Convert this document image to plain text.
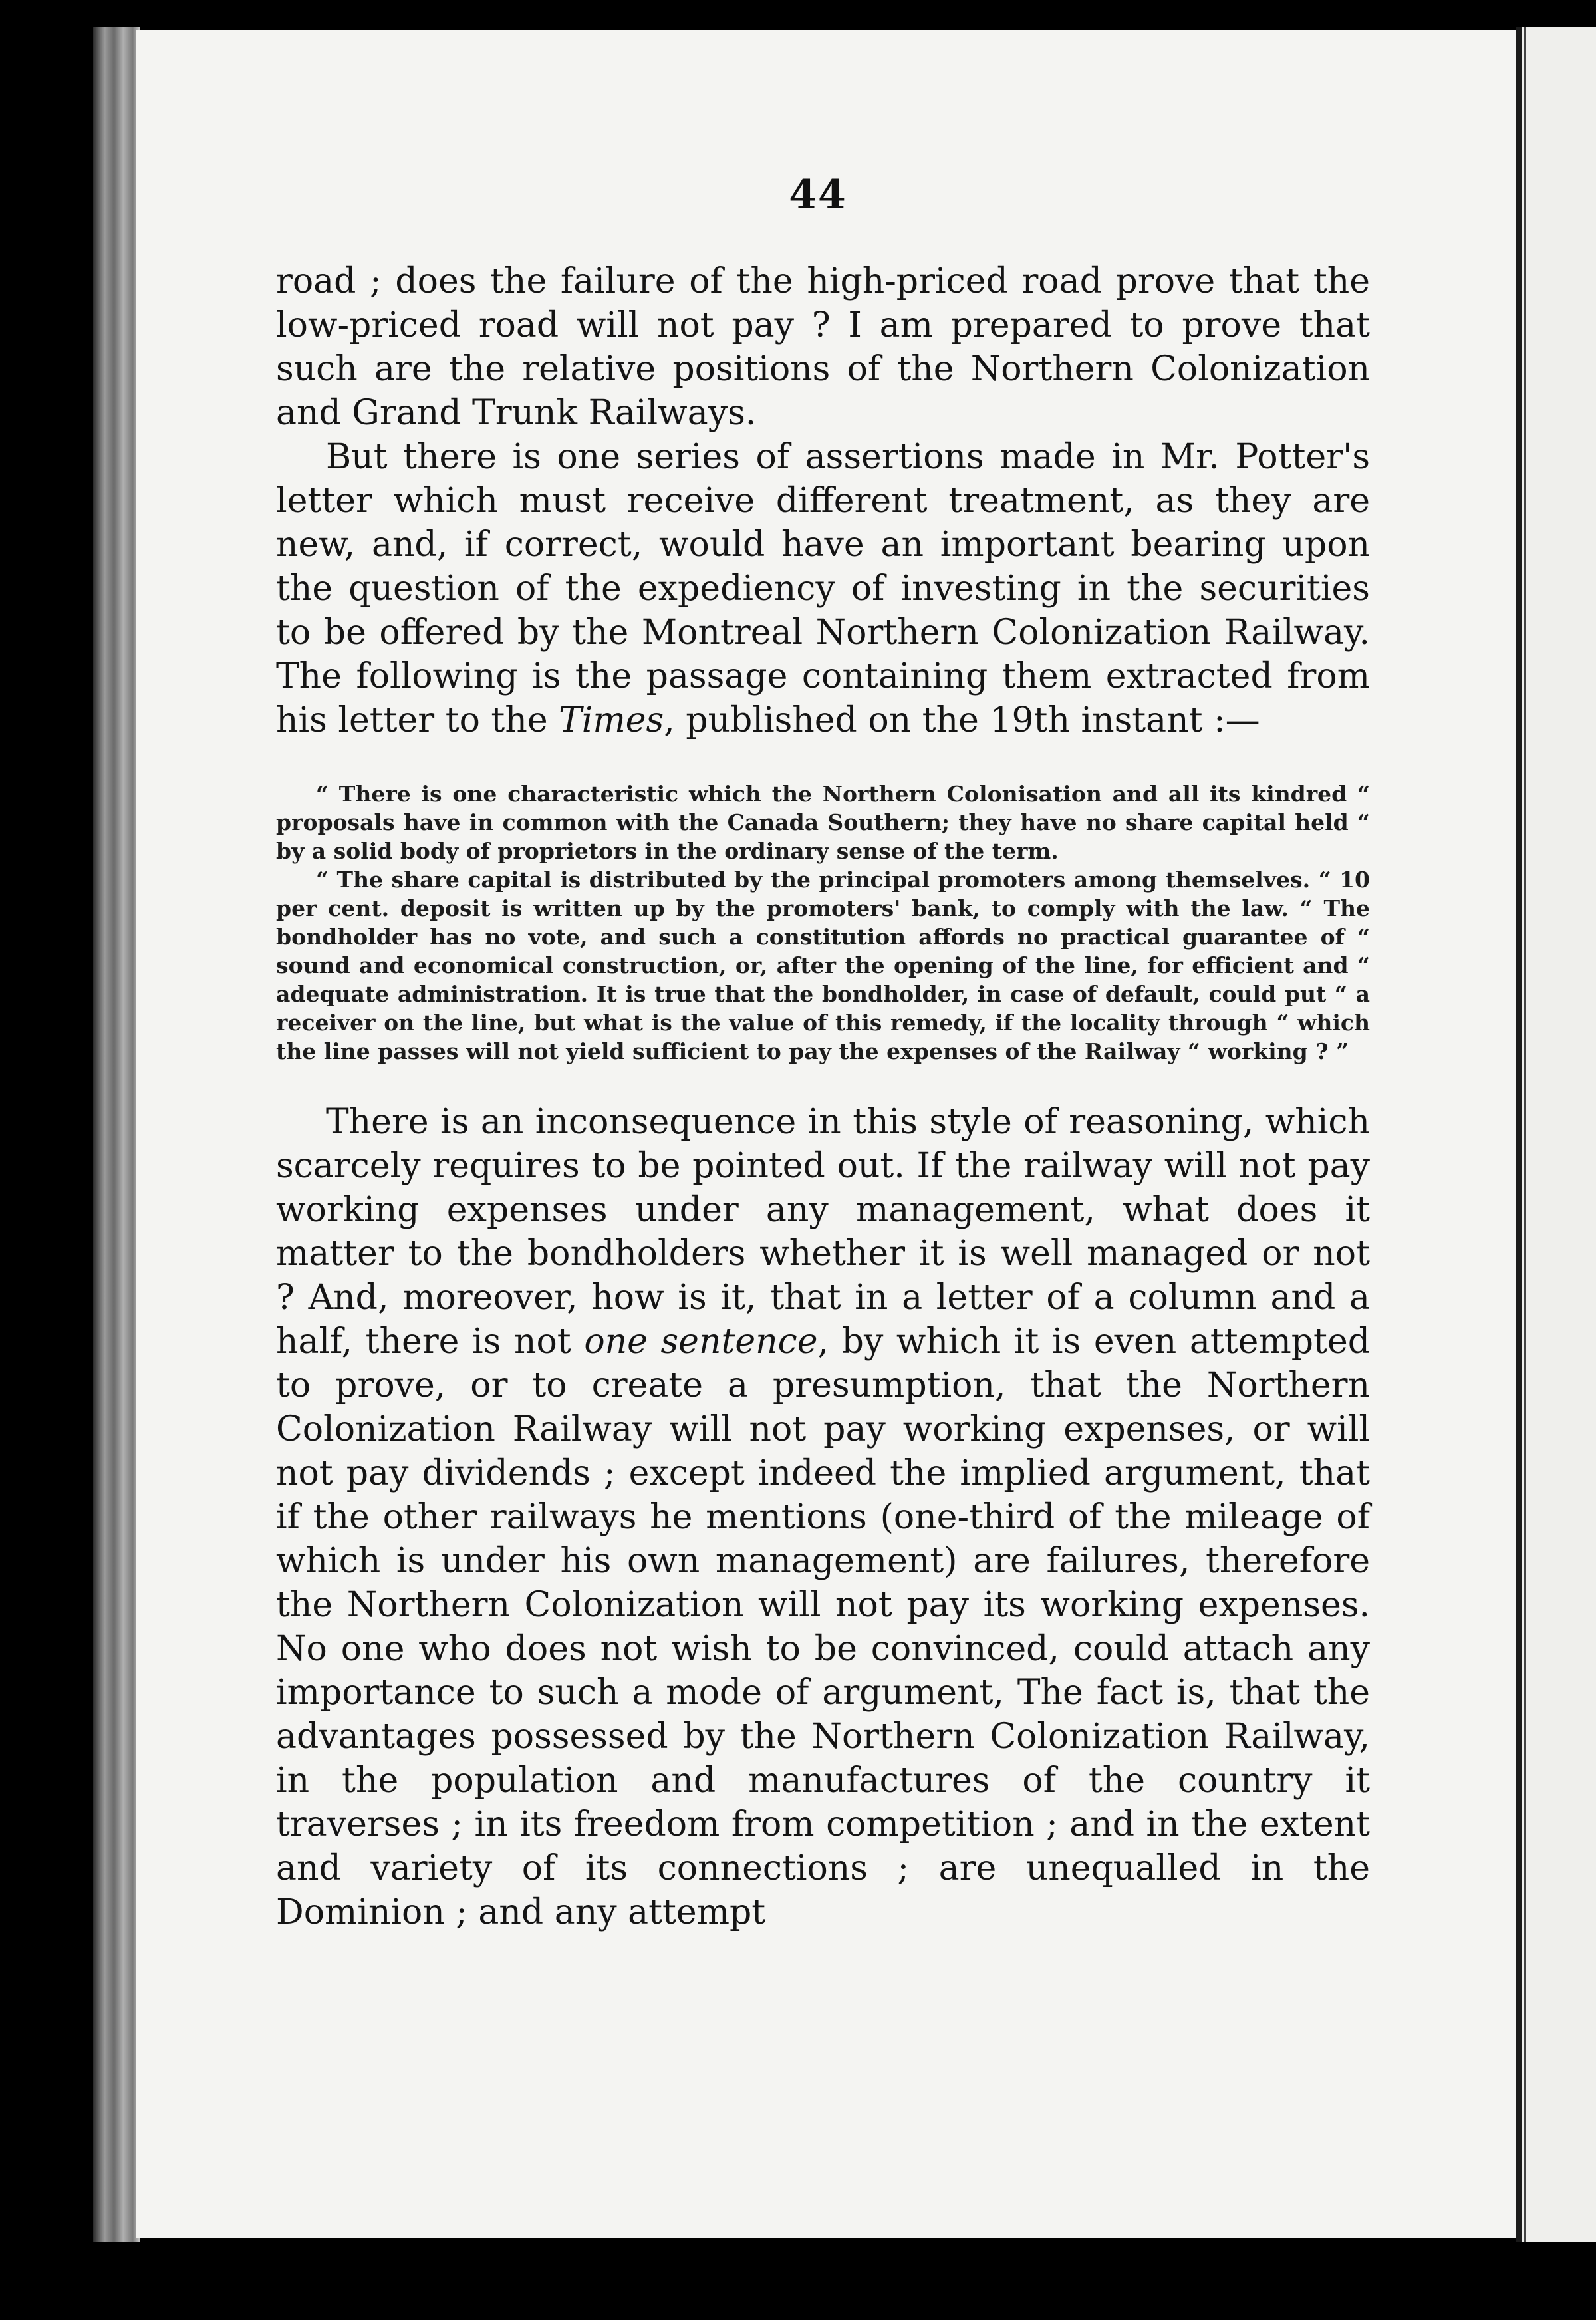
44

road ; does the failure of the high-priced road prove that the low-priced road will not pay ? I am prepared to prove that such are the relative positions of the Northern Colonization and Grand Trunk Railways.

But there is one series of assertions made in Mr. Potter's letter which must receive different treatment, as they are new, and, if correct, would have an important bearing upon the question of the expediency of investing in the securities to be offered by the Montreal Northern Colonization Railway. The following is the passage containing them extracted from his letter to the Times, published on the 19th instant :—

“ There is one characteristic which the Northern Colonisation and all its kindred “ proposals have in common with the Canada Southern; they have no share capital held “ by a solid body of proprietors in the ordinary sense of the term.

“ The share capital is distributed by the principal promoters among themselves. “ 10 per cent. deposit is written up by the promoters' bank, to comply with the law. “ The bondholder has no vote, and such a constitution affords no practical guarantee of “ sound and economical construction, or, after the opening of the line, for efficient and “ adequate administration. It is true that the bondholder, in case of default, could put “ a receiver on the line, but what is the value of this remedy, if the locality through “ which the line passes will not yield sufficient to pay the expenses of the Railway “ working ? ”

There is an inconsequence in this style of reasoning, which scarcely requires to be pointed out. If the railway will not pay working expenses under any management, what does it matter to the bondholders whether it is well managed or not ? And, moreover, how is it, that in a letter of a column and a half, there is not one sentence, by which it is even attempted to prove, or to create a presumption, that the Northern Colonization Railway will not pay working expenses, or will not pay dividends ; except indeed the implied argument, that if the other railways he mentions (one-third of the mileage of which is under his own management) are failures, therefore the Northern Colonization will not pay its working expenses. No one who does not wish to be convinced, could attach any importance to such a mode of argument, The fact is, that the advantages possessed by the Northern Colonization Railway, in the population and manufactures of the country it traverses ; in its freedom from competition ; and in the extent and variety of its connections ; are unequalled in the Dominion ; and any attempt
